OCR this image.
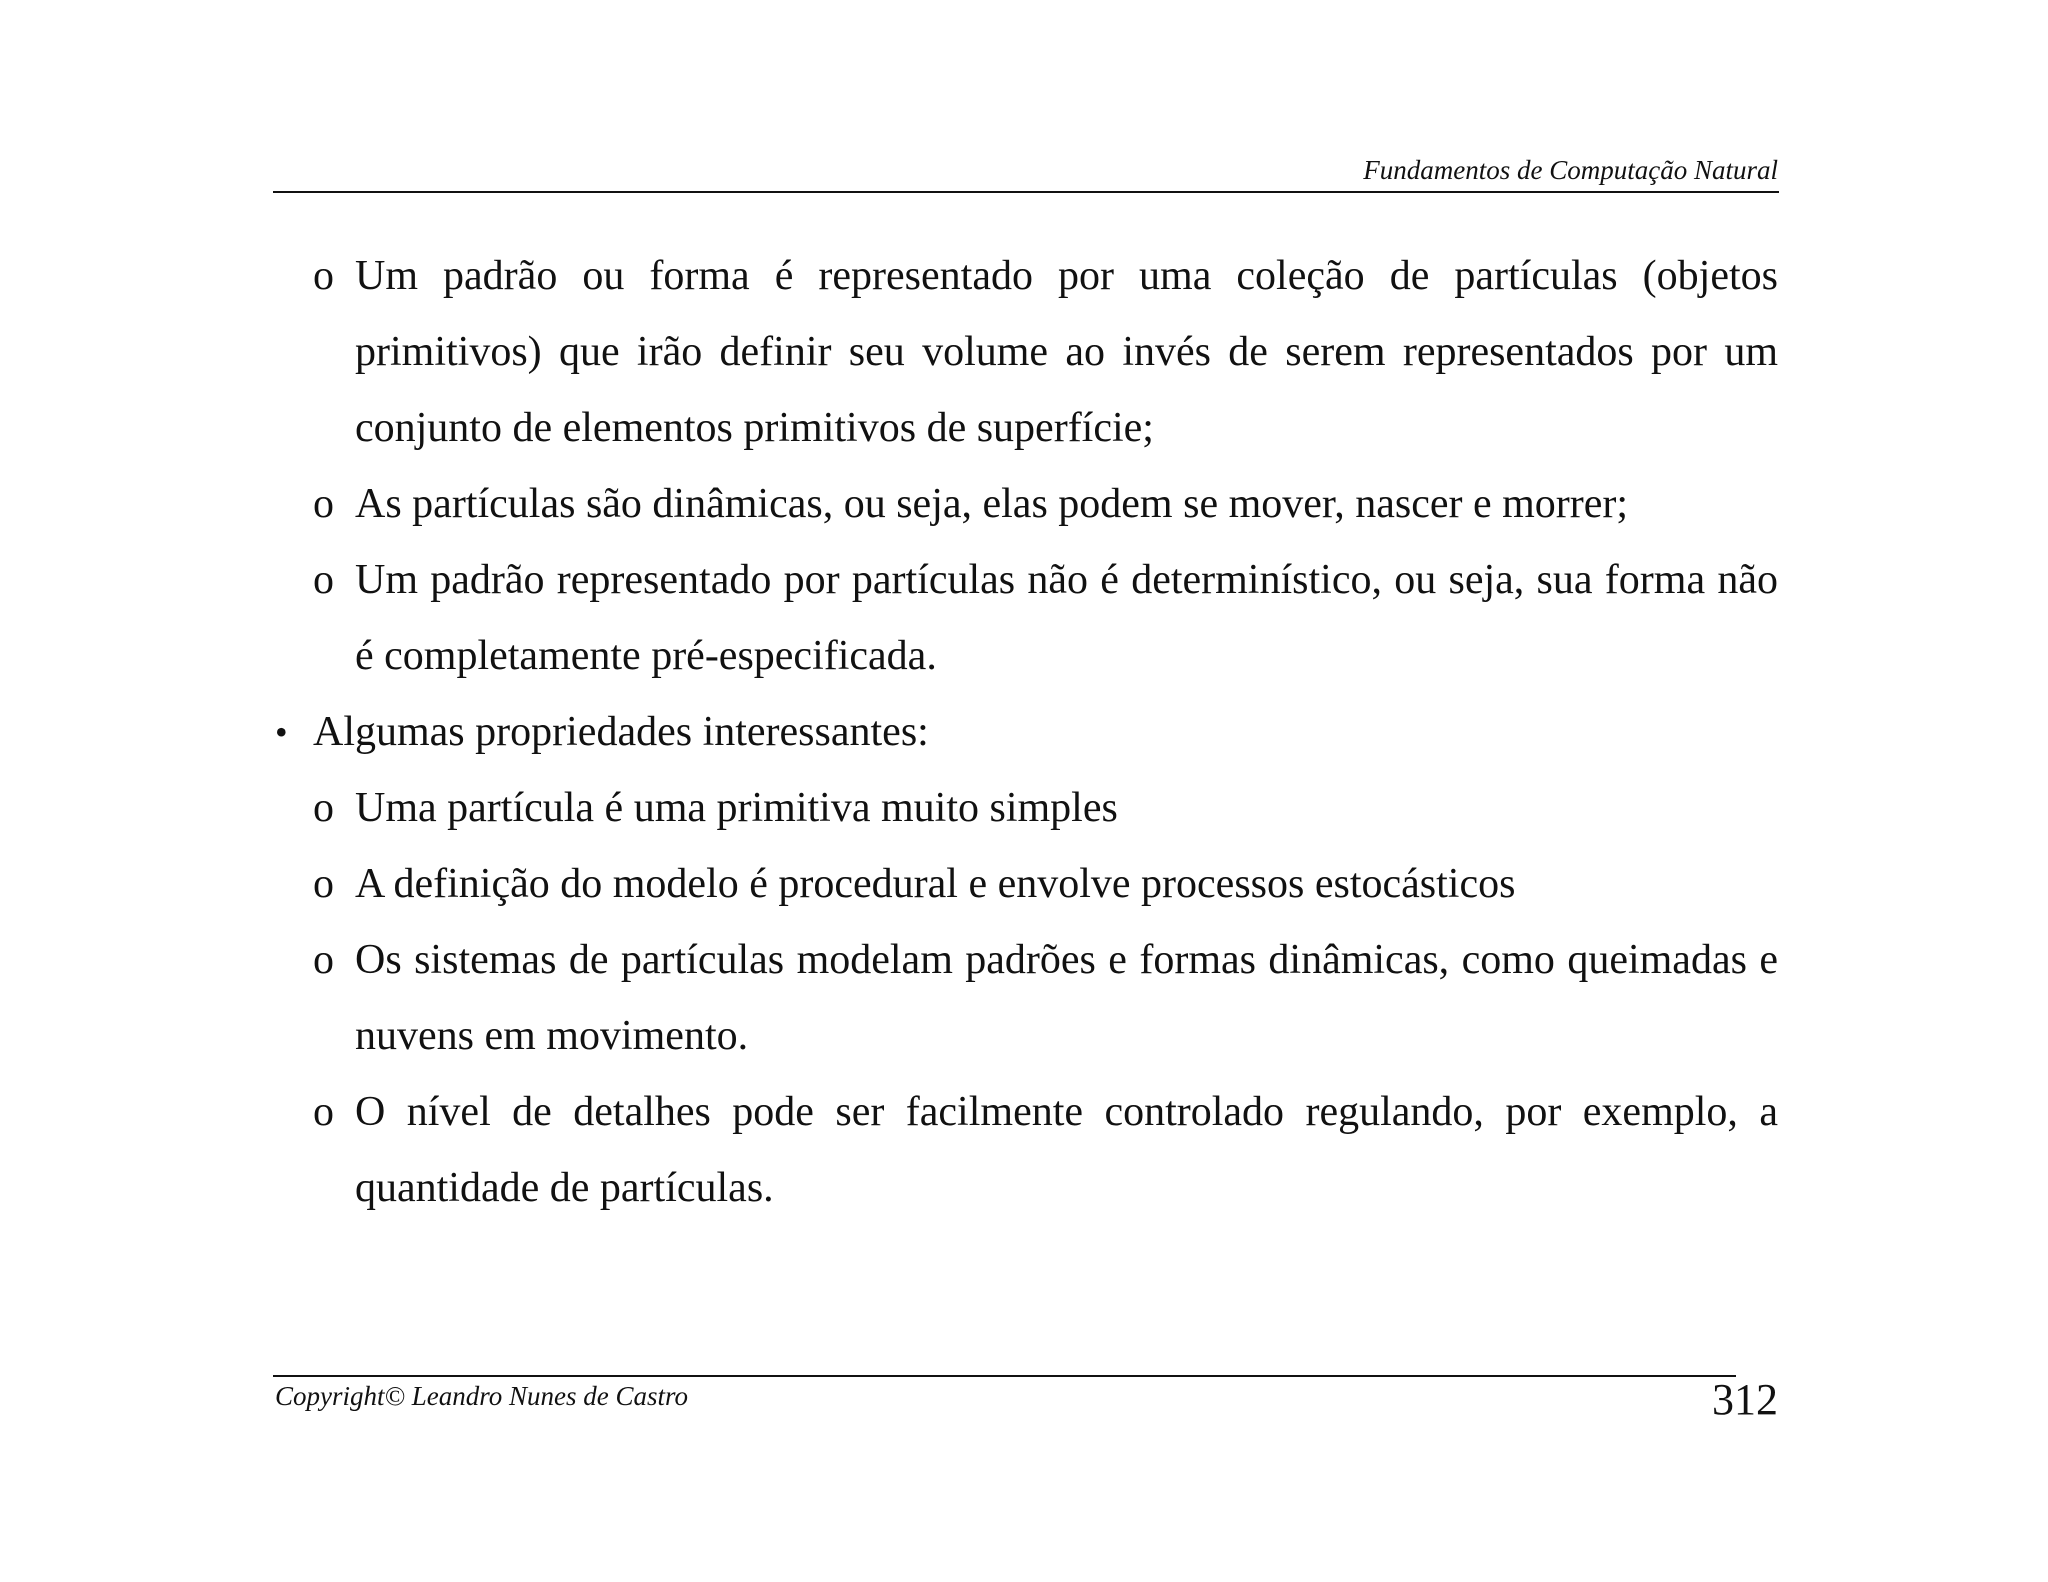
Fundamentos de Computação Natural
o Um padrão ou forma é representado por uma coleção de partículas (objetos primitivos) que irão definir seu volume ao invés de serem representados por um conjunto de elementos primitivos de superfície;
o As partículas são dinâmicas, ou seja, elas podem se mover, nascer e morrer;
o Um padrão representado por partículas não é determinístico, ou seja, sua forma não é completamente pré-especificada.
• Algumas propriedades interessantes:
o Uma partícula é uma primitiva muito simples
o A definição do modelo é procedural e envolve processos estocásticos
o Os sistemas de partículas modelam padrões e formas dinâmicas, como queimadas e nuvens em movimento.
o O nível de detalhes pode ser facilmente controlado regulando, por exemplo, a quantidade de partículas.
Copyright© Leandro Nunes de Castro	312
